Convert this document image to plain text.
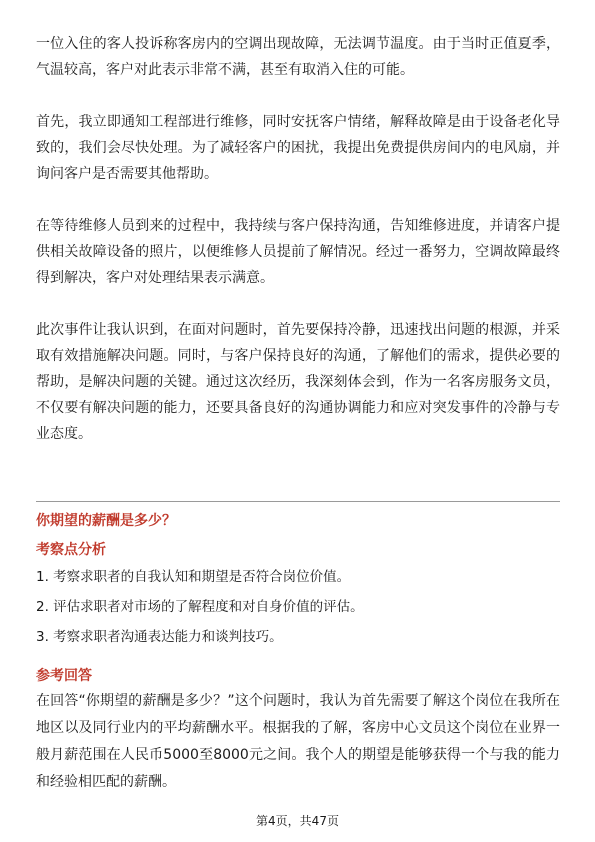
一位入住的客人投诉称客房内的空调出现故障，无法调节温度。由于当时正值夏季，气温较高，客户对此表示非常不满，甚至有取消入住的可能。

首先，我立即通知工程部进行维修，同时安抚客户情绪，解释故障是由于设备老化导致的，我们会尽快处理。为了减轻客户的困扰，我提出免费提供房间内的电风扇，并询问客户是否需要其他帮助。

在等待维修人员到来的过程中，我持续与客户保持沟通，告知维修进度，并请客户提供相关故障设备的照片，以便维修人员提前了解情况。经过一番努力，空调故障最终得到解决，客户对处理结果表示满意。

此次事件让我认识到，在面对问题时，首先要保持冷静，迅速找出问题的根源，并采取有效措施解决问题。同时，与客户保持良好的沟通，了解他们的需求，提供必要的帮助，是解决问题的关键。通过这次经历，我深刻体会到，作为一名客房服务文员，不仅要有解决问题的能力，还要具备良好的沟通协调能力和应对突发事件的冷静与专业态度。

你期望的薪酬是多少？

考察点分析

1. 考察求职者的自我认知和期望是否符合岗位价值。
2. 评估求职者对市场的了解程度和对自身价值的评估。
3. 考察求职者沟通表达能力和谈判技巧。

参考回答

在回答“你期望的薪酬是多少？”这个问题时，我认为首先需要了解这个岗位在我所在地区以及同行业内的平均薪酬水平。根据我的了解，客房中心文员这个岗位在业界一般月薪范围在人民币5000至8000元之间。我个人的期望是能够获得一个与我的能力和经验相匹配的薪酬。

第4页，共47页
